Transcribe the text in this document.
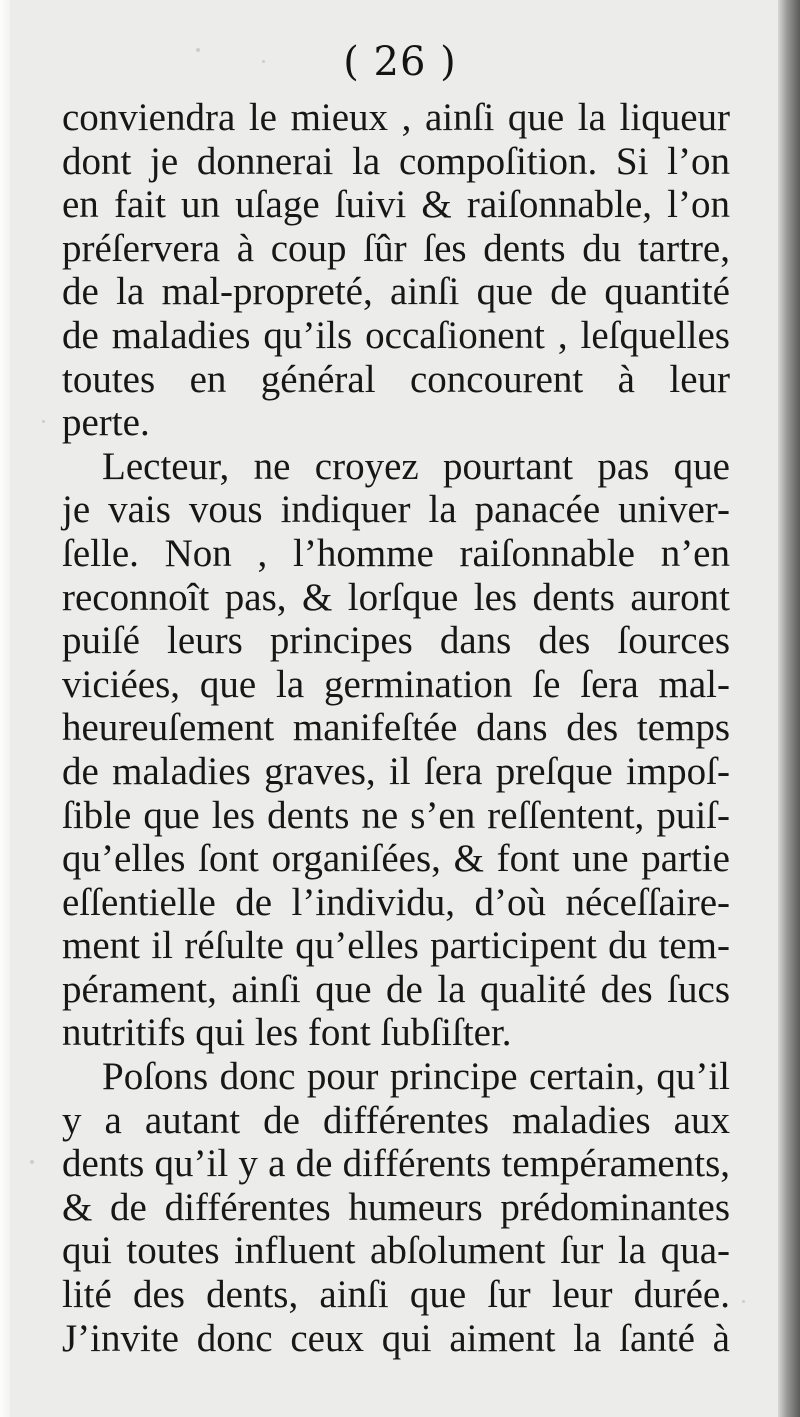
( 26 )
conviendra le mieux , ainſi que la liqueur
dont je donnerai la compoſition. Si l’on
en fait un uſage ſuivi & raiſonnable, l’on
préſervera à coup ſûr ſes dents du tartre,
de la mal-propreté, ainſi que de quantité
de maladies qu’ils occaſionent , leſquelles
toutes en général concourent à leur
perte.
Lecteur, ne croyez pourtant pas que
je vais vous indiquer la panacée univer-
ſelle. Non , l’homme raiſonnable n’en
reconnoît pas, & lorſque les dents auront
puiſé leurs principes dans des ſources
viciées, que la germination ſe ſera mal-
heureuſement manifeſtée dans des temps
de maladies graves, il ſera preſque impoſ-
ſible que les dents ne s’en reſſentent, puiſ-
qu’elles ſont organiſées, & font une partie
eſſentielle de l’individu, d’où néceſſaire-
ment il réſulte qu’elles participent du tem-
pérament, ainſi que de la qualité des ſucs
nutritifs qui les font ſubſiſter.
Poſons donc pour principe certain, qu’il
y a autant de différentes maladies aux
dents qu’il y a de différents tempéraments,
& de différentes humeurs prédominantes
qui toutes influent abſolument ſur la qua-
lité des dents, ainſi que ſur leur durée.
J’invite donc ceux qui aiment la ſanté à
